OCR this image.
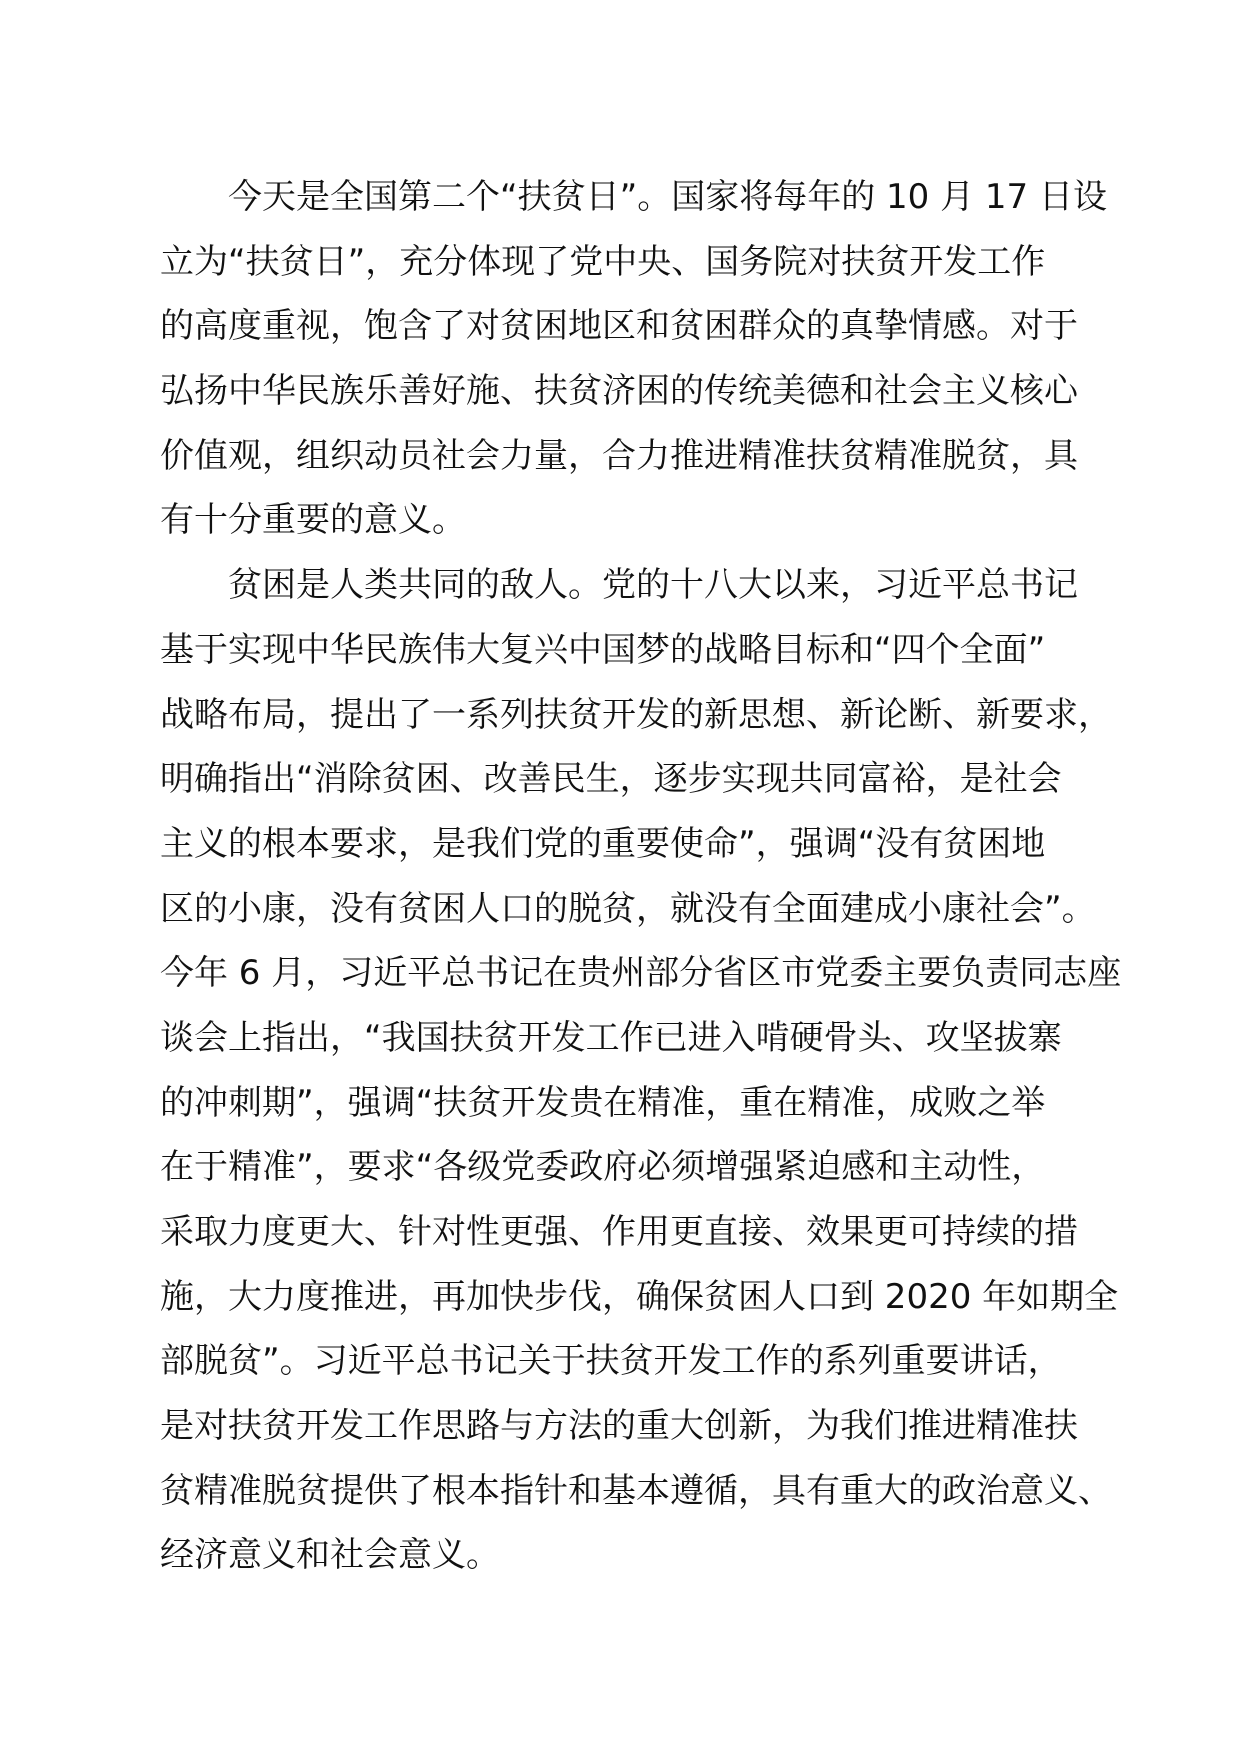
今天是全国第二个“扶贫日”。国家将每年的 10 月 17 日设
立为“扶贫日”，充分体现了党中央、国务院对扶贫开发工作
的高度重视，饱含了对贫困地区和贫困群众的真挚情感。对于
弘扬中华民族乐善好施、扶贫济困的传统美德和社会主义核心
价值观，组织动员社会力量，合力推进精准扶贫精准脱贫，具
有十分重要的意义。
贫困是人类共同的敌人。党的十八大以来，习近平总书记
基于实现中华民族伟大复兴中国梦的战略目标和“四个全面”
战略布局，提出了一系列扶贫开发的新思想、新论断、新要求，
明确指出“消除贫困、改善民生，逐步实现共同富裕，是社会
主义的根本要求，是我们党的重要使命”，强调“没有贫困地
区的小康，没有贫困人口的脱贫，就没有全面建成小康社会”。
今年 6 月，习近平总书记在贵州部分省区市党委主要负责同志座
谈会上指出，“我国扶贫开发工作已进入啃硬骨头、攻坚拔寨
的冲刺期”，强调“扶贫开发贵在精准，重在精准，成败之举
在于精准”，要求“各级党委政府必须增强紧迫感和主动性，
采取力度更大、针对性更强、作用更直接、效果更可持续的措
施，大力度推进，再加快步伐，确保贫困人口到 2020 年如期全
部脱贫”。习近平总书记关于扶贫开发工作的系列重要讲话，
是对扶贫开发工作思路与方法的重大创新，为我们推进精准扶
贫精准脱贫提供了根本指针和基本遵循，具有重大的政治意义、
经济意义和社会意义。
